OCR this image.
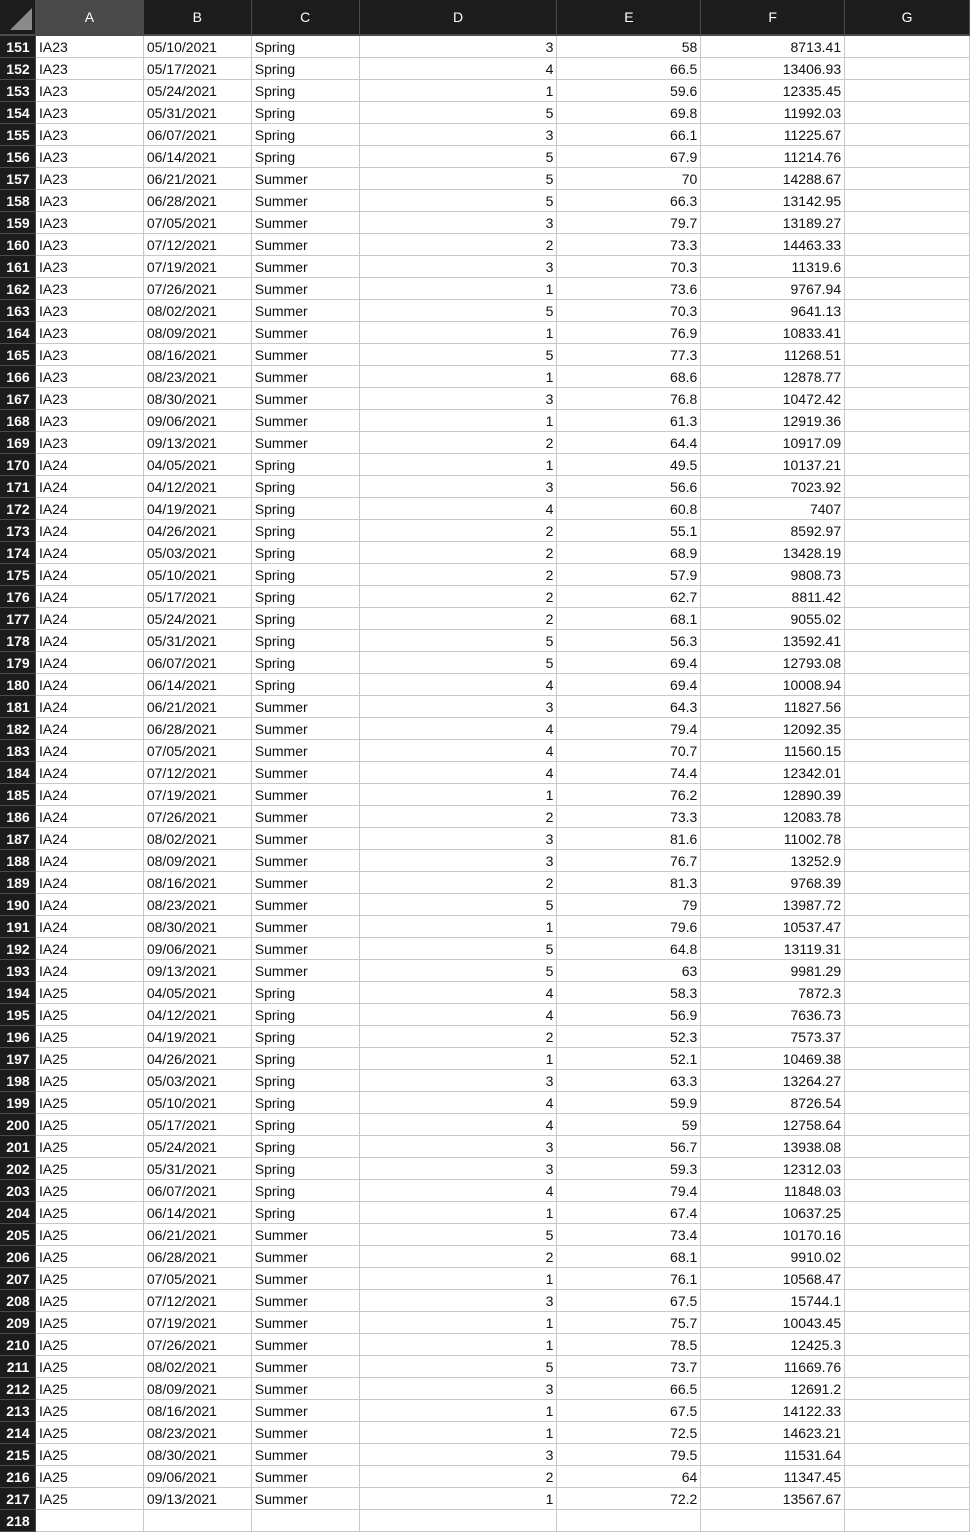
A	B	C	D	E	F	G
151 IA23	05/10/2021	Spring	3	58	8713.41
152 IA23	05/17/2021	Spring	4	66.5	13406.93
153 IA23	05/24/2021	Spring	1	59.6	12335.45
154 IA23	05/31/2021	Spring	5	69.8	11992.03
155 IA23	06/07/2021	Spring	3	66.1	11225.67
156 IA23	06/14/2021	Spring	5	67.9	11214.76
157 IA23	06/21/2021	Summer	5	70	14288.67
158 IA23	06/28/2021	Summer	5	66.3	13142.95
159 IA23	07/05/2021	Summer	3	79.7	13189.27
160 IA23	07/12/2021	Summer	2	73.3	14463.33
161 IA23	07/19/2021	Summer	3	70.3	11319.6
162 IA23	07/26/2021	Summer	1	73.6	9767.94
163 IA23	08/02/2021	Summer	5	70.3	9641.13
164 IA23	08/09/2021	Summer	1	76.9	10833.41
165 IA23	08/16/2021	Summer	5	77.3	11268.51
166 IA23	08/23/2021	Summer	1	68.6	12878.77
167 IA23	08/30/2021	Summer	3	76.8	10472.42
168 IA23	09/06/2021	Summer	1	61.3	12919.36
169 IA23	09/13/2021	Summer	2	64.4	10917.09
170 IA24	04/05/2021	Spring	1	49.5	10137.21
171 IA24	04/12/2021	Spring	3	56.6	7023.92
172 IA24	04/19/2021	Spring	4	60.8	7407
173 IA24	04/26/2021	Spring	2	55.1	8592.97
174 IA24	05/03/2021	Spring	2	68.9	13428.19
175 IA24	05/10/2021	Spring	2	57.9	9808.73
176 IA24	05/17/2021	Spring	2	62.7	8811.42
177 IA24	05/24/2021	Spring	2	68.1	9055.02
178 IA24	05/31/2021	Spring	5	56.3	13592.41
179 IA24	06/07/2021	Spring	5	69.4	12793.08
180 IA24	06/14/2021	Spring	4	69.4	10008.94
181 IA24	06/21/2021	Summer	3	64.3	11827.56
182 IA24	06/28/2021	Summer	4	79.4	12092.35
183 IA24	07/05/2021	Summer	4	70.7	11560.15
184 IA24	07/12/2021	Summer	4	74.4	12342.01
185 IA24	07/19/2021	Summer	1	76.2	12890.39
186 IA24	07/26/2021	Summer	2	73.3	12083.78
187 IA24	08/02/2021	Summer	3	81.6	11002.78
188 IA24	08/09/2021	Summer	3	76.7	13252.9
189 IA24	08/16/2021	Summer	2	81.3	9768.39
190 IA24	08/23/2021	Summer	5	79	13987.72
191 IA24	08/30/2021	Summer	1	79.6	10537.47
192 IA24	09/06/2021	Summer	5	64.8	13119.31
193 IA24	09/13/2021	Summer	5	63	9981.29
194 IA25	04/05/2021	Spring	4	58.3	7872.3
195 IA25	04/12/2021	Spring	4	56.9	7636.73
196 IA25	04/19/2021	Spring	2	52.3	7573.37
197 IA25	04/26/2021	Spring	1	52.1	10469.38
198 IA25	05/03/2021	Spring	3	63.3	13264.27
199 IA25	05/10/2021	Spring	4	59.9	8726.54
200 IA25	05/17/2021	Spring	4	59	12758.64
201 IA25	05/24/2021	Spring	3	56.7	13938.08
202 IA25	05/31/2021	Spring	3	59.3	12312.03
203 IA25	06/07/2021	Spring	4	79.4	11848.03
204 IA25	06/14/2021	Spring	1	67.4	10637.25
205 IA25	06/21/2021	Summer	5	73.4	10170.16
206 IA25	06/28/2021	Summer	2	68.1	9910.02
207 IA25	07/05/2021	Summer	1	76.1	10568.47
208 IA25	07/12/2021	Summer	3	67.5	15744.1
209 IA25	07/19/2021	Summer	1	75.7	10043.45
210 IA25	07/26/2021	Summer	1	78.5	12425.3
211 IA25	08/02/2021	Summer	5	73.7	11669.76
212 IA25	08/09/2021	Summer	3	66.5	12691.2
213 IA25	08/16/2021	Summer	1	67.5	14122.33
214 IA25	08/23/2021	Summer	1	72.5	14623.21
215 IA25	08/30/2021	Summer	3	79.5	11531.64
216 IA25	09/06/2021	Summer	2	64	11347.45
217 IA25	09/13/2021	Summer	1	72.2	13567.67
218
